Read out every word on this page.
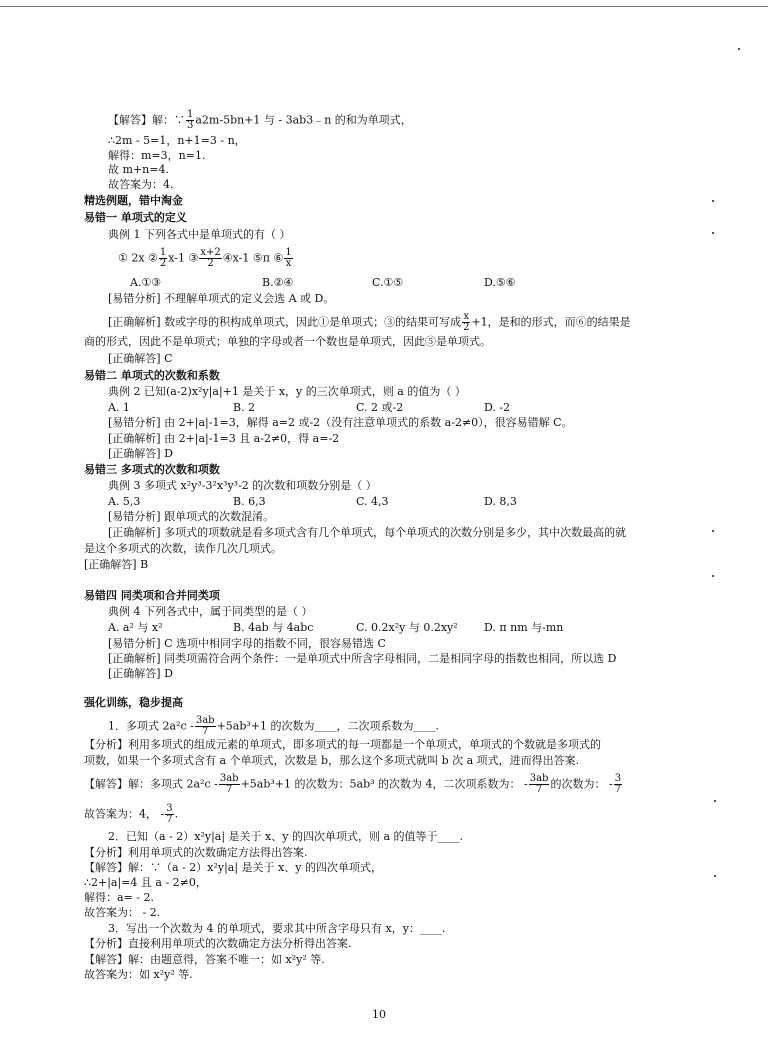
【解答】解：∵ $\frac{1}{3} a2m-5bn+1$ 与 - 3ab3﹣n 的和为单项式，
∴2m - 5=1，n+1=3 - n，
解得：m=3，n=1.
故 m+n=4.
故答案为：4.
精选例题，错中淘金
易错一 单项式的定义
典例 1 下列各式中是单项式的有（ ）
① 2x ② $\frac{1}{2} x-1$ ③ $\frac{x+2}{2}$ ④x-1 ⑤π ⑥ $\frac{1}{x}$
A.①③	B.②④	C.①⑤	D.⑤⑥
[易错分析] 不理解单项式的定义会选 A 或 D。
[正确解析] 数或字母的积构成单项式，因此①是单项式；③的结果可写成 $\frac{x}{2} +1$，是和的形式，而⑥的结果是
商的形式，因此不是单项式；单独的字母或者一个数也是单项式，因此⑤是单项式。
[正确解答] C
易错二 单项式的次数和系数
典例 2 已知(a-2)x²y|a|+1 是关于 x，y 的三次单项式，则 a 的值为（ ）
A. 1	B. 2	C. 2 或-2	D. -2
[易错分析] 由 2+|a|-1=3，解得 a=2 或-2（没有注意单项式的系数 a-2≠0），很容易错解 C。
[正确解析] 由 2+|a|-1=3 且 a-2≠0，得 a=-2
[正确解答] D
易错三 多项式的次数和项数
典例 3 多项式 x²y³-3²x³y³-2 的次数和项数分别是（ ）
A. 5,3	B. 6,3	C. 4,3	D. 8,3
[易错分析] 跟单项式的次数混淆。
[正确解析] 多项式的项数就是看多项式含有几个单项式，每个单项式的次数分别是多少，其中次数最高的就
是这个多项式的次数，读作几次几项式。
[正确解答] B
易错四 同类项和合并同类项
典例 4 下列各式中，属于同类型的是（ ）
A. a² 与 x²	B. 4ab 与 4abc	C. 0.2x²y 与 0.2xy² D. π nm 与-mn
[易错分析] C 选项中相同字母的指数不同，很容易错选 C
[正确解析] 同类项需符合两个条件：一是单项式中所含字母相同，二是相同字母的指数也相同，所以选 D
[正确解答] D
强化训练，稳步提高
1．多项式 $2a^2c - \frac{3ab}{7} +5ab^3+1$ 的次数为____，二次项系数为____.
【分析】利用多项式的组成元素的单项式，即多项式的每一项都是一个单项式，单项式的个数就是多项式的
项数，如果一个多项式含有 a 个单项式，次数是 b，那么这个多项式就叫 b 次 a 项式，进而得出答案.
【解答】解：多项式 $2a^2c - \frac{3ab}{7} +5ab^3+1$ 的次数为：5ab³ 的次数为 4，二次项系数为： - $\frac{3ab}{7}$ 的次数为： - $\frac{3}{7}$
故答案为：4， - $\frac{3}{7}$ .
2．已知（a - 2）x²y|a| 是关于 x、y 的四次单项式，则 a 的值等于____.
【分析】利用单项式的次数确定方法得出答案.
【解答】解：∵（a - 2）x²y|a| 是关于 x、y 的四次单项式，
∴2+|a|=4 且 a - 2≠0，
解得：a= - 2.
故答案为： - 2.
3．写出一个次数为 4 的单项式，要求其中所含字母只有 x，y：____.
【分析】直接利用单项式的次数确定方法分析得出答案.
【解答】解：由题意得，答案不唯一：如 x²y² 等.
故答案为：如 x²y² 等.
10
